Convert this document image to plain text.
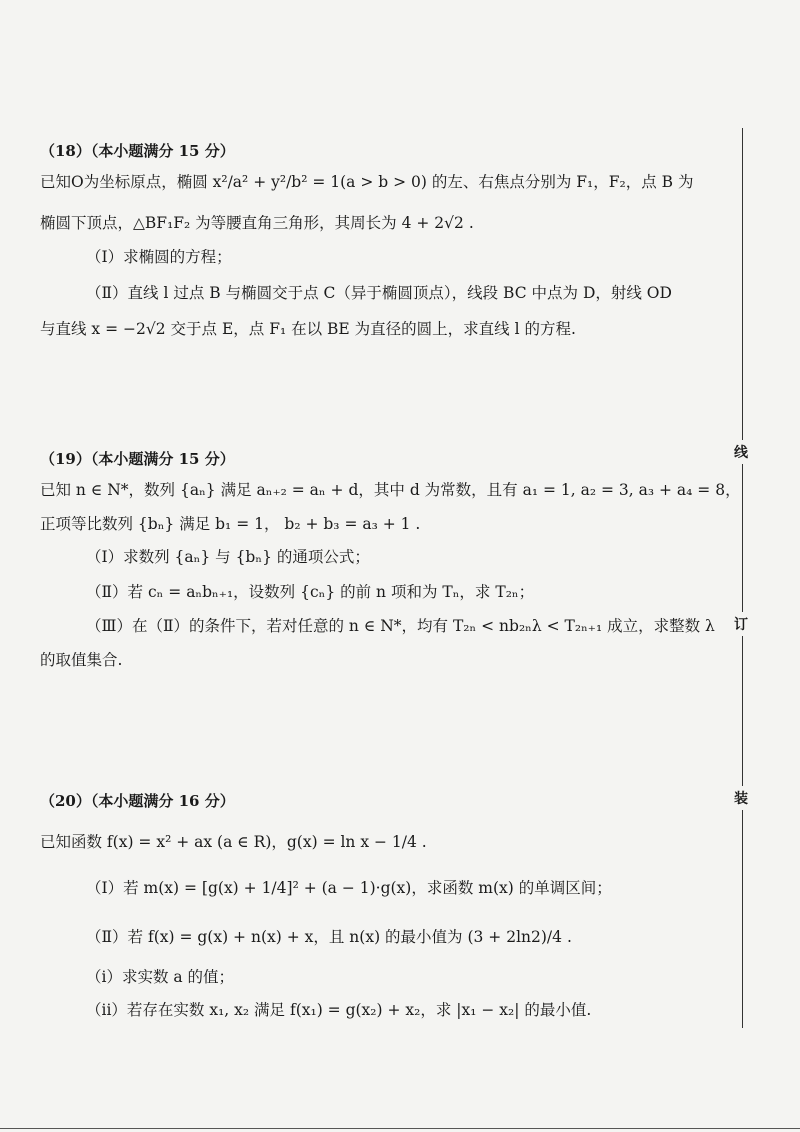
（18）（本小题满分 15 分）
已知O为坐标原点，椭圆 x²/a² + y²/b² = 1(a > b > 0) 的左、右焦点分别为 F₁，F₂，点 B 为
椭圆下顶点，△BF₁F₂ 为等腰直角三角形，其周长为 4 + 2√2 .
（Ⅰ）求椭圆的方程；
（Ⅱ）直线 l 过点 B 与椭圆交于点 C（异于椭圆顶点），线段 BC 中点为 D，射线 OD
与直线 x = −2√2 交于点 E，点 F₁ 在以 BE 为直径的圆上，求直线 l 的方程.
（19）（本小题满分 15 分）
已知 n ∈ N*，数列 {aₙ} 满足 aₙ₊₂ = aₙ + d，其中 d 为常数，且有 a₁ = 1, a₂ = 3, a₃ + a₄ = 8，
正项等比数列 {bₙ} 满足 b₁ = 1， b₂ + b₃ = a₃ + 1 .
（Ⅰ）求数列 {aₙ} 与 {bₙ} 的通项公式；
（Ⅱ）若 cₙ = aₙbₙ₊₁，设数列 {cₙ} 的前 n 项和为 Tₙ，求 T₂ₙ；
（Ⅲ）在（Ⅱ）的条件下，若对任意的 n ∈ N*，均有 T₂ₙ < nb₂ₙλ < T₂ₙ₊₁ 成立，求整数 λ
的取值集合.
（20）（本小题满分 16 分）
已知函数 f(x) = x² + ax (a ∈ R)，g(x) = ln x − 1/4 .
（Ⅰ）若 m(x) = [g(x) + 1/4]² + (a − 1)·g(x)，求函数 m(x) 的单调区间；
（Ⅱ）若 f(x) = g(x) + n(x) + x，且 n(x) 的最小值为 (3 + 2ln2)/4 .
（i）求实数 a 的值；
（ii）若存在实数 x₁, x₂ 满足 f(x₁) = g(x₂) + x₂，求 |x₁ − x₂| 的最小值.
线
订
装
